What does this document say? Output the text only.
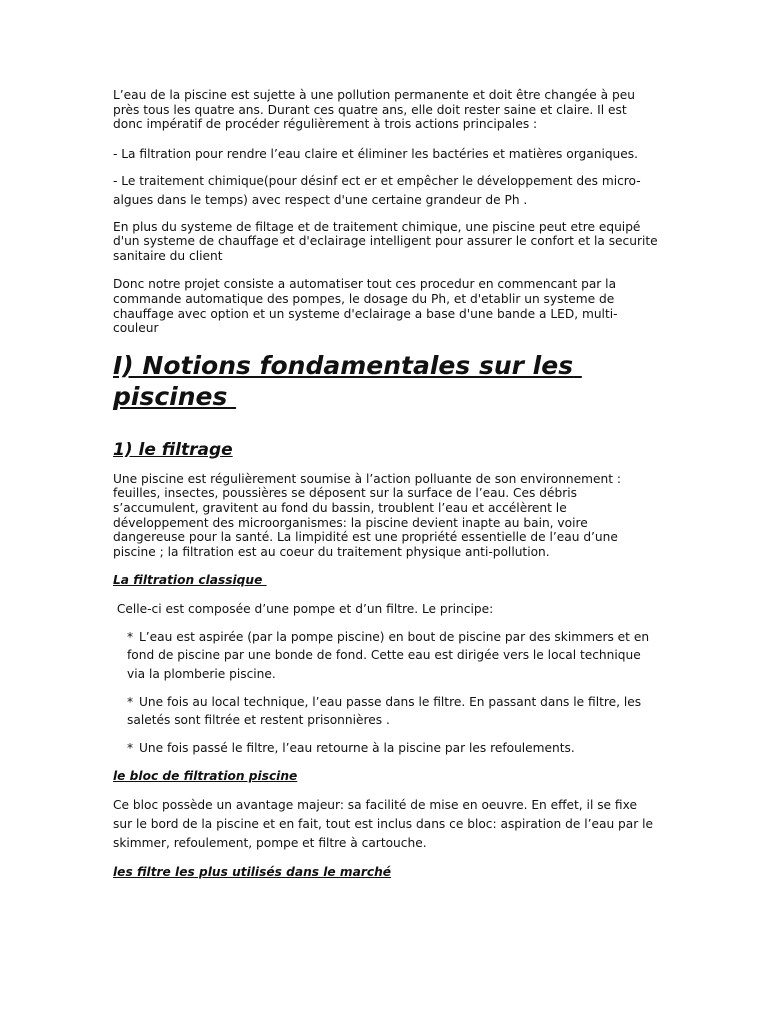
L’eau de la piscine est sujette à une pollution permanente et doit être changée à peu près tous les quatre ans. Durant ces quatre ans, elle doit rester saine et claire. Il est donc impératif de procéder régulièrement à trois actions principales :

- La filtration pour rendre l’eau claire et éliminer les bactéries et matières organiques.

- Le traitement chimique(pour désinf ect er et empêcher le développement des micro-algues dans le temps) avec respect d'une certaine grandeur de Ph .

En plus du systeme de filtage et de traitement chimique, une piscine peut etre equipé d'un systeme de chauffage et d'eclairage intelligent pour assurer le confort et la securite sanitaire du client

Donc notre projet consiste a automatiser tout ces procedur en commencant par la commande automatique des pompes, le dosage du Ph, et d'etablir un systeme de chauffage avec option et un systeme d'eclairage a base d'une bande a LED, multi-couleur

I) Notions fondamentales sur les piscines
1) le filtrage

Une piscine est régulièrement soumise à l’action polluante de son environnement : feuilles, insectes, poussières se déposent sur la surface de l’eau. Ces débris s’accumulent, gravitent au fond du bassin, troublent l’eau et accélèrent le développement des microorganismes: la piscine devient inapte au bain, voire dangereuse pour la santé. La limpidité est une propriété essentielle de l’eau d’une piscine ; la filtration est au coeur du traitement physique anti-pollution.

La filtration classique

Celle-ci est composée d’une pompe et d’un filtre. Le principe:

* L’eau est aspirée (par la pompe piscine) en bout de piscine par des skimmers et en fond de piscine par une bonde de fond. Cette eau est dirigée vers le local technique via la plomberie piscine.

* Une fois au local technique, l’eau passe dans le filtre. En passant dans le filtre, les saletés sont filtrée et restent prisonnières .

* Une fois passé le filtre, l’eau retourne à la piscine par les refoulements.

le bloc de filtration piscine

Ce bloc possède un avantage majeur: sa facilité de mise en oeuvre. En effet, il se fixe sur le bord de la piscine et en fait, tout est inclus dans ce bloc: aspiration de l’eau par le skimmer, refoulement, pompe et filtre à cartouche.

les filtre les plus utilisés dans le marché
